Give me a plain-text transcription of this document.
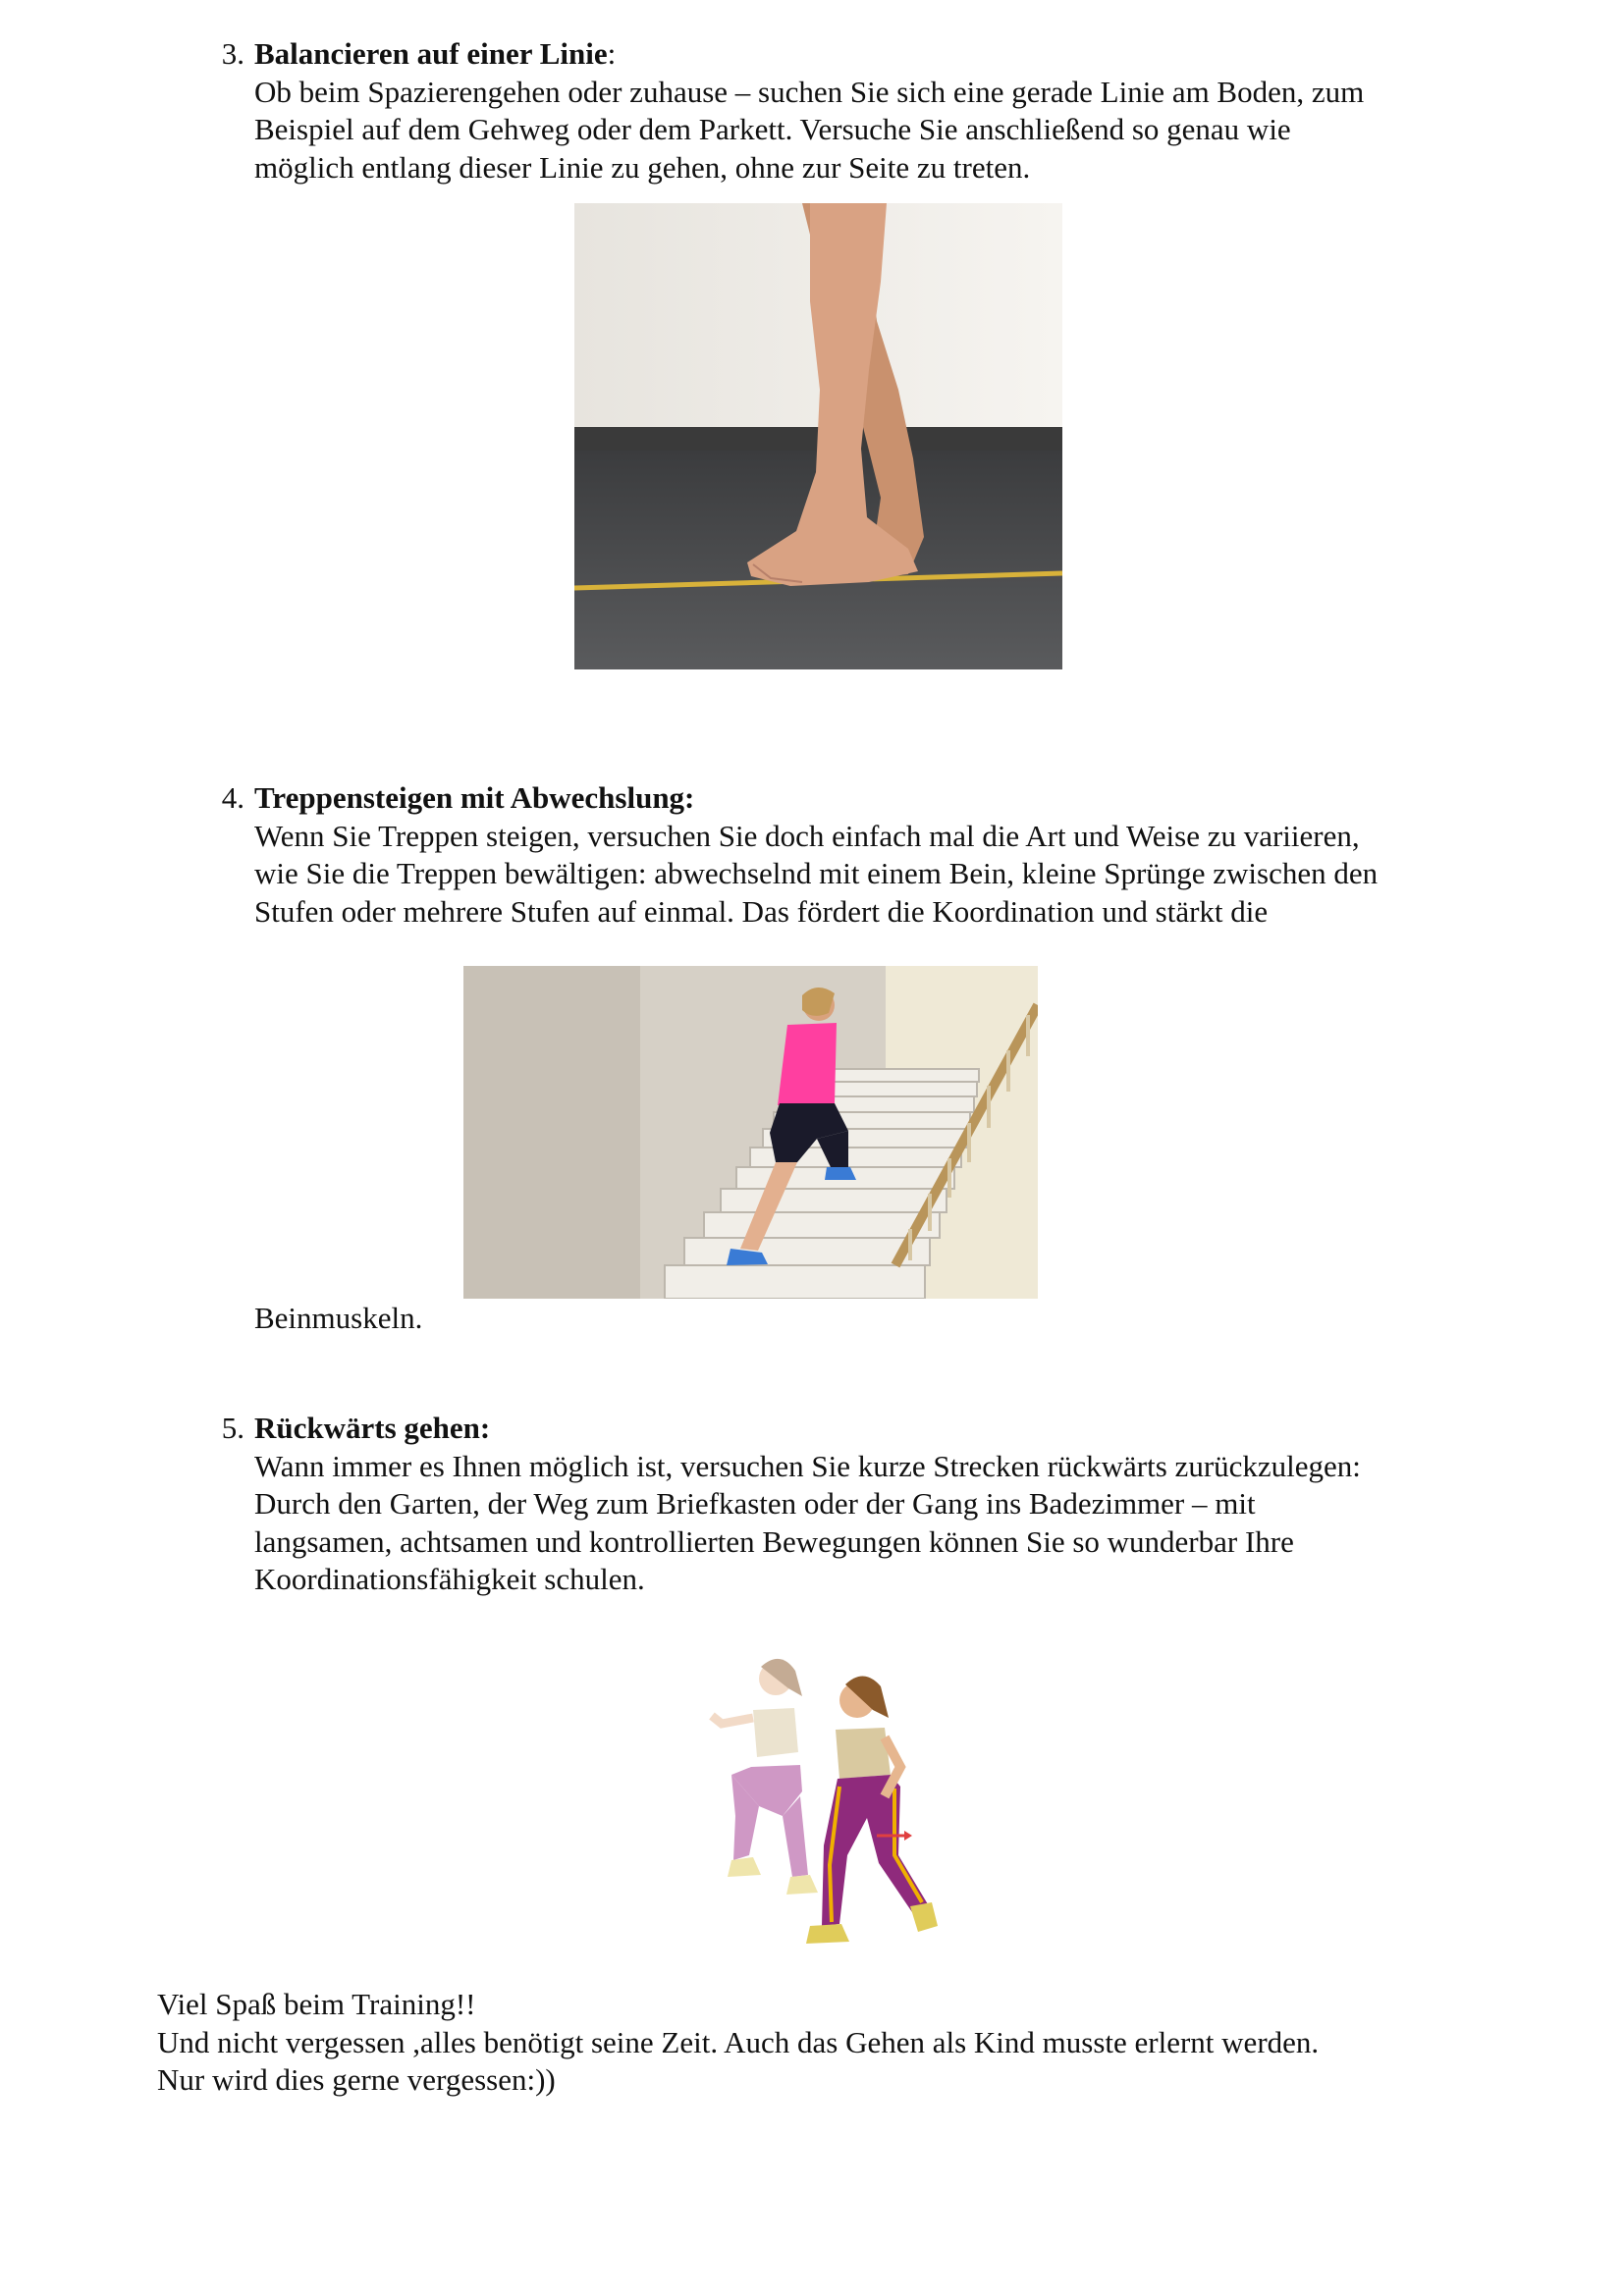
3. Balancieren auf einer Linie:
Ob beim Spazierengehen oder zuhause – suchen Sie sich eine gerade Linie am Boden, zum
Beispiel auf dem Gehweg oder dem Parkett. Versuche Sie anschließend so genau wie
möglich entlang dieser Linie zu gehen, ohne zur Seite zu treten.
4. Treppensteigen mit Abwechslung:
Wenn Sie Treppen steigen, versuchen Sie doch einfach mal die Art und Weise zu variieren,
wie Sie die Treppen bewältigen: abwechselnd mit einem Bein, kleine Sprünge zwischen den
Stufen oder mehrere Stufen auf einmal. Das fördert die Koordination und stärkt die
Beinmuskeln.
5. Rückwärts gehen:
Wann immer es Ihnen möglich ist, versuchen Sie kurze Strecken rückwärts zurückzulegen:
Durch den Garten, der Weg zum Briefkasten oder der Gang ins Badezimmer – mit
langsamen, achtsamen und kontrollierten Bewegungen können Sie so wunderbar Ihre
Koordinationsfähigkeit schulen.
Viel Spaß beim Training!!
Und nicht vergessen ,alles benötigt seine Zeit. Auch das Gehen als Kind musste erlernt werden.
Nur wird dies gerne vergessen:))
